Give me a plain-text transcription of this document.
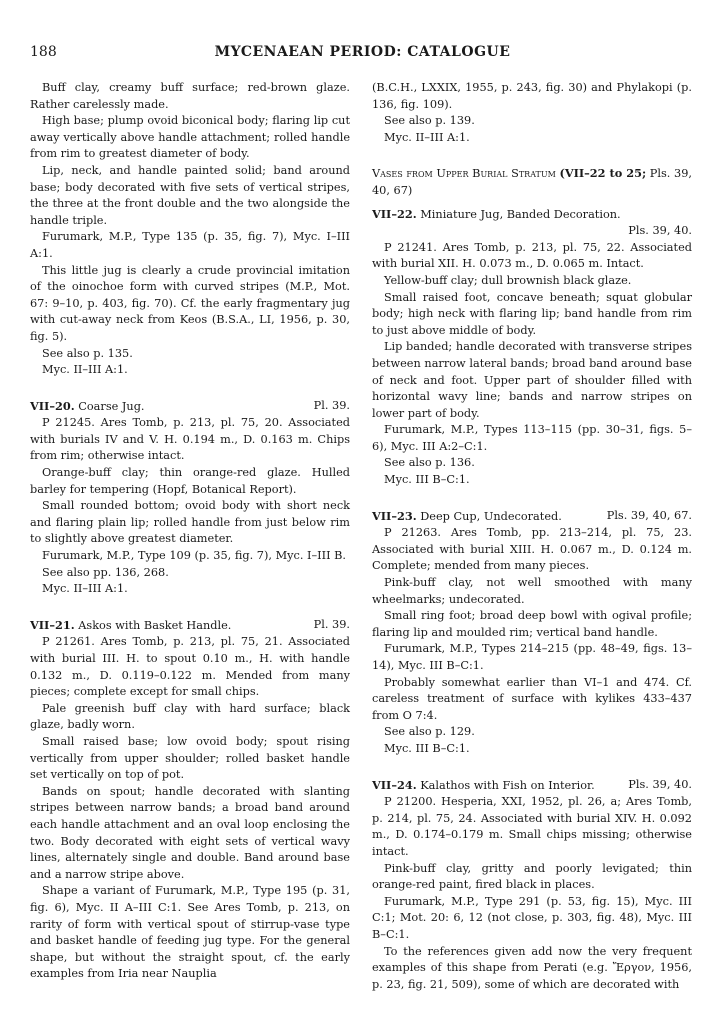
188	MYCENAEAN PERIOD: CATALOGUE

Buff clay, creamy buff surface; red-brown glaze. Rather carelessly made.

High base; plump ovoid biconical body; flaring lip cut away vertically above handle attachment; rolled handle from rim to greatest diameter of body.

Lip, neck, and handle painted solid; band around base; body decorated with five sets of vertical stripes, the three at the front double and the two alongside the handle triple.

Furumark, M.P., Type 135 (p. 35, fig. 7), Myc. I–III A:1.

This little jug is clearly a crude provincial imitation of the oinochoe form with curved stripes (M.P., Mot. 67: 9–10, p. 403, fig. 70). Cf. the early fragmentary jug with cut-away neck from Keos (B.S.A., LI, 1956, p. 30, fig. 5).

See also p. 135.

Myc. II–III A:1.

VII–20. Coarse Jug.	Pl. 39.

P 21245. Ares Tomb, p. 213, pl. 75, 20. Associated with burials IV and V. H. 0.194 m., D. 0.163 m. Chips from rim; otherwise intact.

Orange-buff clay; thin orange-red glaze. Hulled barley for tempering (Hopf, Botanical Report).

Small rounded bottom; ovoid body with short neck and flaring plain lip; rolled handle from just below rim to slightly above greatest diameter.

Furumark, M.P., Type 109 (p. 35, fig. 7), Myc. I–III B.

See also pp. 136, 268.

Myc. II–III A:1.

VII–21. Askos with Basket Handle.	Pl. 39.

P 21261. Ares Tomb, p. 213, pl. 75, 21. Associated with burial III. H. to spout 0.10 m., H. with handle 0.132 m., D. 0.119–0.122 m. Mended from many pieces; complete except for small chips.

Pale greenish buff clay with hard surface; black glaze, badly worn.

Small raised base; low ovoid body; spout rising vertically from upper shoulder; rolled basket handle set vertically on top of pot.

Bands on spout; handle decorated with slanting stripes between narrow bands; a broad band around each handle attachment and an oval loop enclosing the two. Body decorated with eight sets of vertical wavy lines, alternately single and double. Band around base and a narrow stripe above.

Shape a variant of Furumark, M.P., Type 195 (p. 31, fig. 6), Myc. II A–III C:1. See Ares Tomb, p. 213, on rarity of form with vertical spout of stirrup-vase type and basket handle of feeding jug type. For the general shape, but without the straight spout, cf. the early examples from Iria near Nauplia

(B.C.H., LXXIX, 1955, p. 243, fig. 30) and Phylakopi (p. 136, fig. 109).

See also p. 139.

Myc. II–III A:1.

Vases from Upper Burial Stratum (VII–22 to 25; Pls. 39, 40, 67)
VII–22. Miniature Jug, Banded Decoration.
Pls. 39, 40.

P 21241. Ares Tomb, p. 213, pl. 75, 22. Associated with burial XII. H. 0.073 m., D. 0.065 m. Intact.

Yellow-buff clay; dull brownish black glaze.

Small raised foot, concave beneath; squat globular body; high neck with flaring lip; band handle from rim to just above middle of body.

Lip banded; handle decorated with transverse stripes between narrow lateral bands; broad band around base of neck and foot. Upper part of shoulder filled with horizontal wavy line; bands and narrow stripes on lower part of body.

Furumark, M.P., Types 113–115 (pp. 30–31, figs. 5–6), Myc. III A:2–C:1.

See also p. 136.

Myc. III B–C:1.

VII–23. Deep Cup, Undecorated.	Pls. 39, 40, 67.

P 21263. Ares Tomb, pp. 213–214, pl. 75, 23. Associated with burial XIII. H. 0.067 m., D. 0.124 m. Complete; mended from many pieces.

Pink-buff clay, not well smoothed with many wheelmarks; undecorated.

Small ring foot; broad deep bowl with ogival profile; flaring lip and moulded rim; vertical band handle.

Furumark, M.P., Types 214–215 (pp. 48–49, figs. 13–14), Myc. III B–C:1.

Probably somewhat earlier than VI–1 and 474. Cf. careless treatment of surface with kylikes 433–437 from O 7:4.

See also p. 129.

Myc. III B–C:1.

VII–24. Kalathos with Fish on Interior.	Pls. 39, 40.

P 21200. Hesperia, XXI, 1952, pl. 26, a; Ares Tomb, p. 214, pl. 75, 24. Associated with burial XIV. H. 0.092 m., D. 0.174–0.179 m. Small chips missing; otherwise intact.

Pink-buff clay, gritty and poorly levigated; thin orange-red paint, fired black in places.

Furumark, M.P., Type 291 (p. 53, fig. 15), Myc. III C:1; Mot. 20: 6, 12 (not close, p. 303, fig. 48), Myc. III B–C:1.

To the references given add now the very frequent examples of this shape from Perati (e.g. Ἔργον, 1956, p. 23, fig. 21, 509), some of which are decorated with
